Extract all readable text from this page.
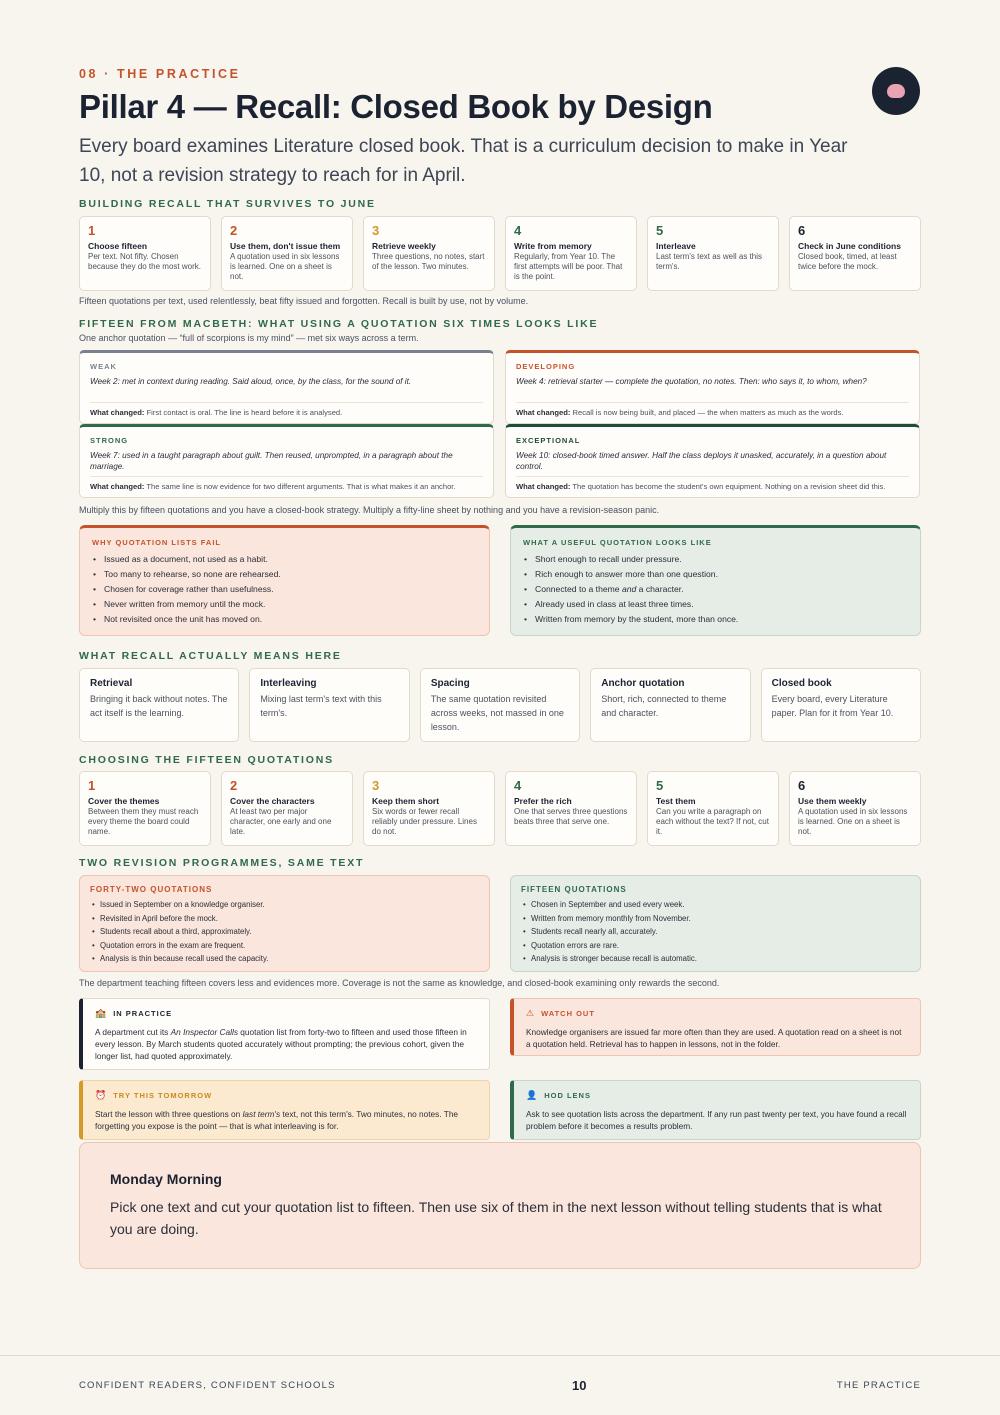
08 · THE PRACTICE
Pillar 4 — Recall: Closed Book by Design

Every board examines Literature closed book. That is a curriculum decision to make in Year 10, not a revision strategy to reach for in April.

BUILDING RECALL THAT SURVIVES TO JUNE
1
Choose fifteen
Per text. Not fifty. Chosen because they do the most work.
2
Use them, don't issue them
A quotation used in six lessons is learned. One on a sheet is not.
3
Retrieve weekly
Three questions, no notes, start of the lesson. Two minutes.
4
Write from memory
Regularly, from Year 10. The first attempts will be poor. That is the point.
5
Interleave
Last term's text as well as this term's.
6
Check in June conditions
Closed book, timed, at least twice before the mock.
Fifteen quotations per text, used relentlessly, beat fifty issued and forgotten. Recall is built by use, not by volume.
FIFTEEN FROM MACBETH: WHAT USING A QUOTATION SIX TIMES LOOKS LIKE
One anchor quotation — “full of scorpions is my mind” — met six ways across a term.
WEAK
Week 2: met in context during reading. Said aloud, once, by the class, for the sound of it.
What changed: First contact is oral. The line is heard before it is analysed.
DEVELOPING
Week 4: retrieval starter — complete the quotation, no notes. Then: who says it, to whom, when?
What changed: Recall is now being built, and placed — the when matters as much as the words.
STRONG
Week 7: used in a taught paragraph about guilt. Then reused, unprompted, in a paragraph about the marriage.
What changed: The same line is now evidence for two different arguments. That is what makes it an anchor.
EXCEPTIONAL
Week 10: closed-book timed answer. Half the class deploys it unasked, accurately, in a question about control.
What changed: The quotation has become the student's own equipment. Nothing on a revision sheet did this.
Multiply this by fifteen quotations and you have a closed-book strategy. Multiply a fifty-line sheet by nothing and you have a revision-season panic.
WHY QUOTATION LISTS FAIL
• Issued as a document, not used as a habit.
• Too many to rehearse, so none are rehearsed.
• Chosen for coverage rather than usefulness.
• Never written from memory until the mock.
• Not revisited once the unit has moved on.
WHAT A USEFUL QUOTATION LOOKS LIKE
• Short enough to recall under pressure.
• Rich enough to answer more than one question.
• Connected to a theme and a character.
• Already used in class at least three times.
• Written from memory by the student, more than once.
WHAT RECALL ACTUALLY MEANS HERE
Retrieval
Bringing it back without notes. The act itself is the learning.
Interleaving
Mixing last term's text with this term's.
Spacing
The same quotation revisited across weeks, not massed in one lesson.
Anchor quotation
Short, rich, connected to theme and character.
Closed book
Every board, every Literature paper. Plan for it from Year 10.
CHOOSING THE FIFTEEN QUOTATIONS
1
Cover the themes
Between them they must reach every theme the board could name.
2
Cover the characters
At least two per major character, one early and one late.
3
Keep them short
Six words or fewer recall reliably under pressure. Lines do not.
4
Prefer the rich
One that serves three questions beats three that serve one.
5
Test them
Can you write a paragraph on each without the text? If not, cut it.
6
Use them weekly
A quotation used in six lessons is learned. One on a sheet is not.
TWO REVISION PROGRAMMES, SAME TEXT
FORTY-TWO QUOTATIONS
• Issued in September on a knowledge organiser.
• Revisited in April before the mock.
• Students recall about a third, approximately.
• Quotation errors in the exam are frequent.
• Analysis is thin because recall used the capacity.
FIFTEEN QUOTATIONS
• Chosen in September and used every week.
• Written from memory monthly from November.
• Students recall nearly all, accurately.
• Quotation errors are rare.
• Analysis is stronger because recall is automatic.
The department teaching fifteen covers less and evidences more. Coverage is not the same as knowledge, and closed-book examining only rewards the second.
🏫 IN PRACTICE
A department cut its An Inspector Calls quotation list from forty-two to fifteen and used those fifteen in every lesson. By March students quoted accurately without prompting; the previous cohort, given the longer list, had quoted approximately.
⚠ WATCH OUT
Knowledge organisers are issued far more often than they are used. A quotation read on a sheet is not a quotation held. Retrieval has to happen in lessons, not in the folder.
⏰ TRY THIS TOMORROW
Start the lesson with three questions on last term's text, not this term's. Two minutes, no notes. The forgetting you expose is the point — that is what interleaving is for.
👤 HOD LENS
Ask to see quotation lists across the department. If any run past twenty per text, you have found a recall problem before it becomes a results problem.
Monday Morning
Pick one text and cut your quotation list to fifteen. Then use six of them in the next lesson without telling students that is what you are doing.
CONFIDENT READERS, CONFIDENT SCHOOLS	10	THE PRACTICE
